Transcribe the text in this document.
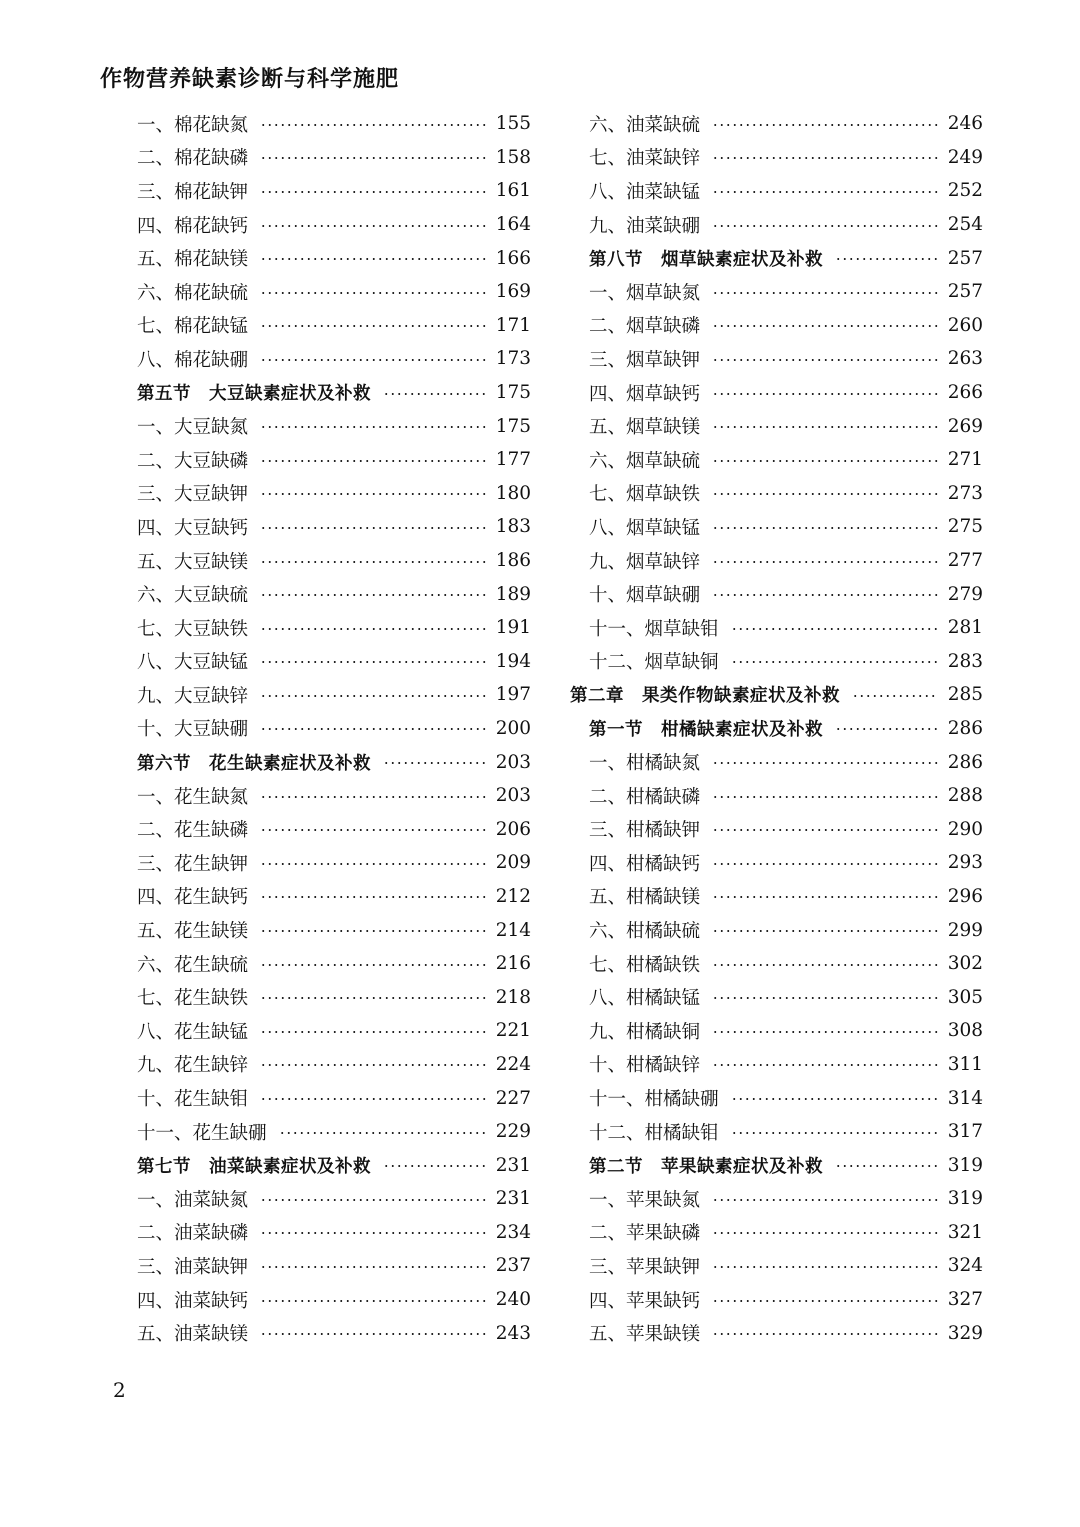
作物营养缺素诊断与科学施肥
一、棉花缺氮	155
二、棉花缺磷	158
三、棉花缺钾	161
四、棉花缺钙	164
五、棉花缺镁	166
六、棉花缺硫	169
七、棉花缺锰	171
八、棉花缺硼	173
第五节　大豆缺素症状及补救	175
一、大豆缺氮	175
二、大豆缺磷	177
三、大豆缺钾	180
四、大豆缺钙	183
五、大豆缺镁	186
六、大豆缺硫	189
七、大豆缺铁	191
八、大豆缺锰	194
九、大豆缺锌	197
十、大豆缺硼	200
第六节　花生缺素症状及补救	203
一、花生缺氮	203
二、花生缺磷	206
三、花生缺钾	209
四、花生缺钙	212
五、花生缺镁	214
六、花生缺硫	216
七、花生缺铁	218
八、花生缺锰	221
九、花生缺锌	224
十、花生缺钼	227
十一、花生缺硼	229
第七节　油菜缺素症状及补救	231
一、油菜缺氮	231
二、油菜缺磷	234
三、油菜缺钾	237
四、油菜缺钙	240
五、油菜缺镁	243
六、油菜缺硫	246
七、油菜缺锌	249
八、油菜缺锰	252
九、油菜缺硼	254
第八节　烟草缺素症状及补救	257
一、烟草缺氮	257
二、烟草缺磷	260
三、烟草缺钾	263
四、烟草缺钙	266
五、烟草缺镁	269
六、烟草缺硫	271
七、烟草缺铁	273
八、烟草缺锰	275
九、烟草缺锌	277
十、烟草缺硼	279
十一、烟草缺钼	281
十二、烟草缺铜	283
第二章　果类作物缺素症状及补救	285
第一节　柑橘缺素症状及补救	286
一、柑橘缺氮	286
二、柑橘缺磷	288
三、柑橘缺钾	290
四、柑橘缺钙	293
五、柑橘缺镁	296
六、柑橘缺硫	299
七、柑橘缺铁	302
八、柑橘缺锰	305
九、柑橘缺铜	308
十、柑橘缺锌	311
十一、柑橘缺硼	314
十二、柑橘缺钼	317
第二节　苹果缺素症状及补救	319
一、苹果缺氮	319
二、苹果缺磷	321
三、苹果缺钾	324
四、苹果缺钙	327
五、苹果缺镁	329
2
